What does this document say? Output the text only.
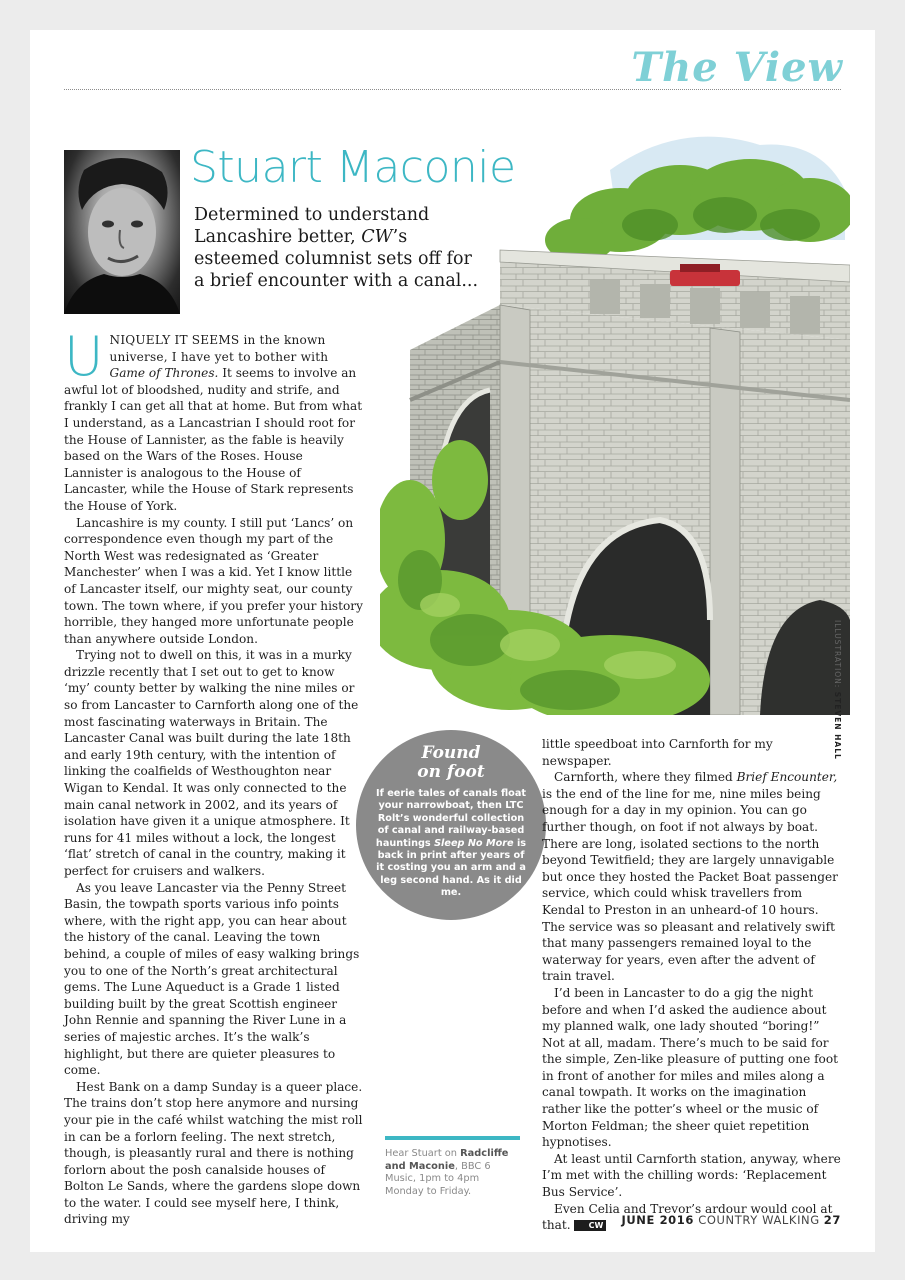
The View
ILLUSTRATION: STEVEN HALL
Stuart Maconie
Determined to understand Lancashire better, CW’s esteemed columnist sets off for a brief encounter with a canal...

UNIQUELY IT SEEMS in the known universe, I have yet to bother with Game of Thrones. It seems to involve an awful lot of bloodshed, nudity and strife, and frankly I can get all that at home. But from what I understand, as a Lancastrian I should root for the House of Lannister, as the fable is heavily based on the Wars of the Roses. House Lannister is analogous to the House of Lancaster, while the House of Stark represents the House of York.

Lancashire is my county. I still put ‘Lancs’ on correspondence even though my part of the North West was redesignated as ‘Greater Manchester’ when I was a kid. Yet I know little of Lancaster itself, our mighty seat, our county town. The town where, if you prefer your history horrible, they hanged more unfortunate people than anywhere outside London.

Trying not to dwell on this, it was in a murky drizzle recently that I set out to get to know ‘my’ county better by walking the nine miles or so from Lancaster to Carnforth along one of the most fascinating waterways in Britain. The Lancaster Canal was built during the late 18th and early 19th century, with the intention of linking the coalfields of Westhoughton near Wigan to Kendal. It was only connected to the main canal network in 2002, and its years of isolation have given it a unique atmosphere. It runs for 41 miles without a lock, the longest ‘flat’ stretch of canal in the country, making it perfect for cruisers and walkers.

As you leave Lancaster via the Penny Street Basin, the towpath sports various info points where, with the right app, you can hear about the history of the canal. Leaving the town behind, a couple of miles of easy walking brings you to one of the North’s great architectural gems. The Lune Aqueduct is a Grade 1 listed building built by the great Scottish engineer John Rennie and spanning the River Lune in a series of majestic arches. It’s the walk’s highlight, but there are quieter pleasures to come.

Hest Bank on a damp Sunday is a queer place. The trains don’t stop here anymore and nursing your pie in the café whilst watching the mist roll in can be a forlorn feeling. The next stretch, though, is pleasantly rural and there is nothing forlorn about the posh canalside houses of Bolton Le Sands, where the gardens slope down to the water. I could see myself here, I think, driving my

Found
on foot
If eerie tales of canals float your narrowboat, then LTC Rolt’s wonderful collection of canal and railway-based hauntings Sleep No More is back in print after years of it costing you an arm and a leg second hand. As it did me.

little speedboat into Carnforth for my newspaper.

Carnforth, where they filmed Brief Encounter, is the end of the line for me, nine miles being enough for a day in my opinion. You can go further though, on foot if not always by boat. There are long, isolated sections to the north beyond Tewitfield; they are largely unnavigable but once they hosted the Packet Boat passenger service, which could whisk travellers from Kendal to Preston in an unheard-of 10 hours. The service was so pleasant and relatively swift that many passengers remained loyal to the waterway for years, even after the advent of train travel.

I’d been in Lancaster to do a gig the night before and when I’d asked the audience about my planned walk, one lady shouted “boring!” Not at all, madam. There’s much to be said for the simple, Zen-like pleasure of putting one foot in front of another for miles and miles along a canal towpath. It works on the imagination rather like the potter’s wheel or the music of Morton Feldman; the sheer quiet repetition hypnotises.

At least until Carnforth station, anyway, where I’m met with the chilling words: ‘Replacement Bus Service’.

Even Celia and Trevor’s ardour would cool at that. CW

Hear Stuart on Radcliffe and Maconie, BBC 6 Music, 1pm to 4pm Monday to Friday.
JUNE 2016 COUNTRY WALKING 27
